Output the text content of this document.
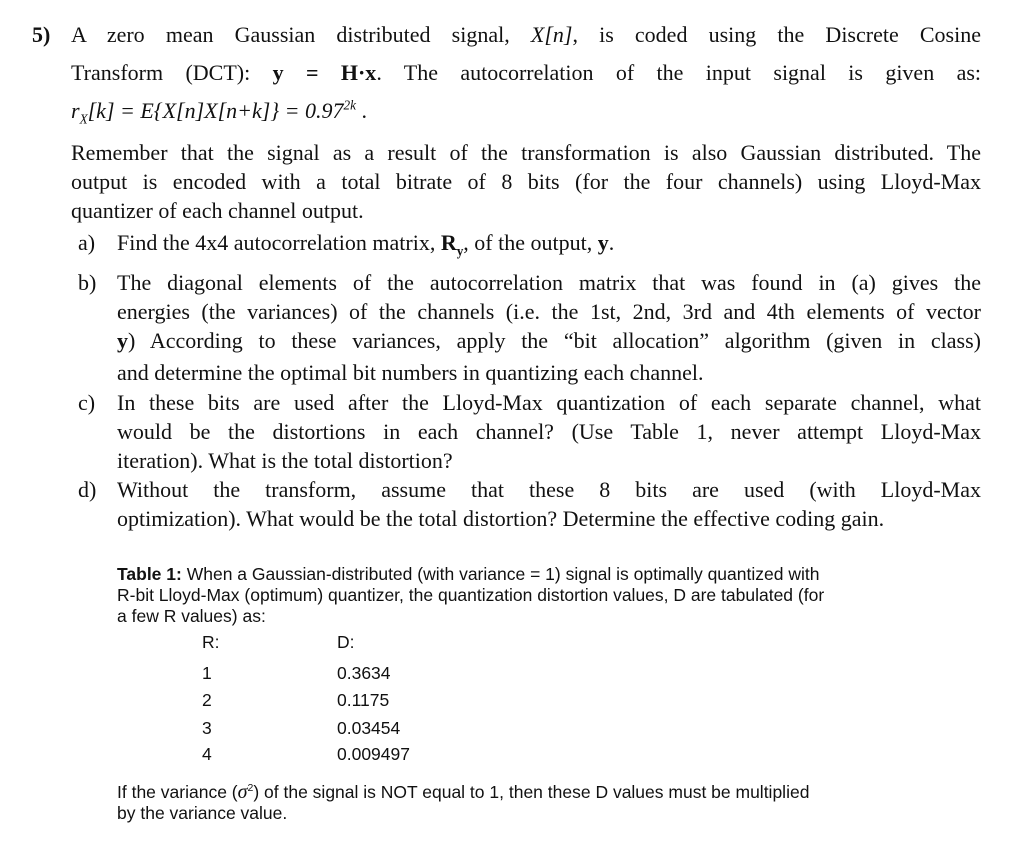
5) A zero mean Gaussian distributed signal, X[n], is coded using the Discrete Cosine
Transform (DCT): y = H·x. The autocorrelation of the input signal is given as:
$r_X[k] = E\{X[n]X[n+k]\} = 0.97^{2k}$ .
Remember that the signal as a result of the transformation is also Gaussian distributed. The
output is encoded with a total bitrate of 8 bits (for the four channels) using Lloyd-Max
quantizer of each channel output.
a) Find the 4x4 autocorrelation matrix, $R_y$, of the output, y.
b) The diagonal elements of the autocorrelation matrix that was found in (a) gives the
energies (the variances) of the channels (i.e. the 1st, 2nd, 3rd and 4th elements of vector
y) According to these variances, apply the “bit allocation” algorithm (given in class)
and determine the optimal bit numbers in quantizing each channel.
c) In these bits are used after the Lloyd-Max quantization of each separate channel, what
would be the distortions in each channel? (Use Table 1, never attempt Lloyd-Max
iteration). What is the total distortion?
d) Without the transform, assume that these 8 bits are used (with Lloyd-Max
optimization). What would be the total distortion? Determine the effective coding gain.
Table 1: When a Gaussian-distributed (with variance = 1) signal is optimally quantized with
R-bit Lloyd-Max (optimum) quantizer, the quantization distortion values, D are tabulated (for
a few R values) as:
R:	D:
1	0.3634
2	0.1175
3	0.03454
4	0.009497
If the variance $(\sigma^2)$ of the signal is NOT equal to 1, then these D values must be multiplied
by the variance value.
